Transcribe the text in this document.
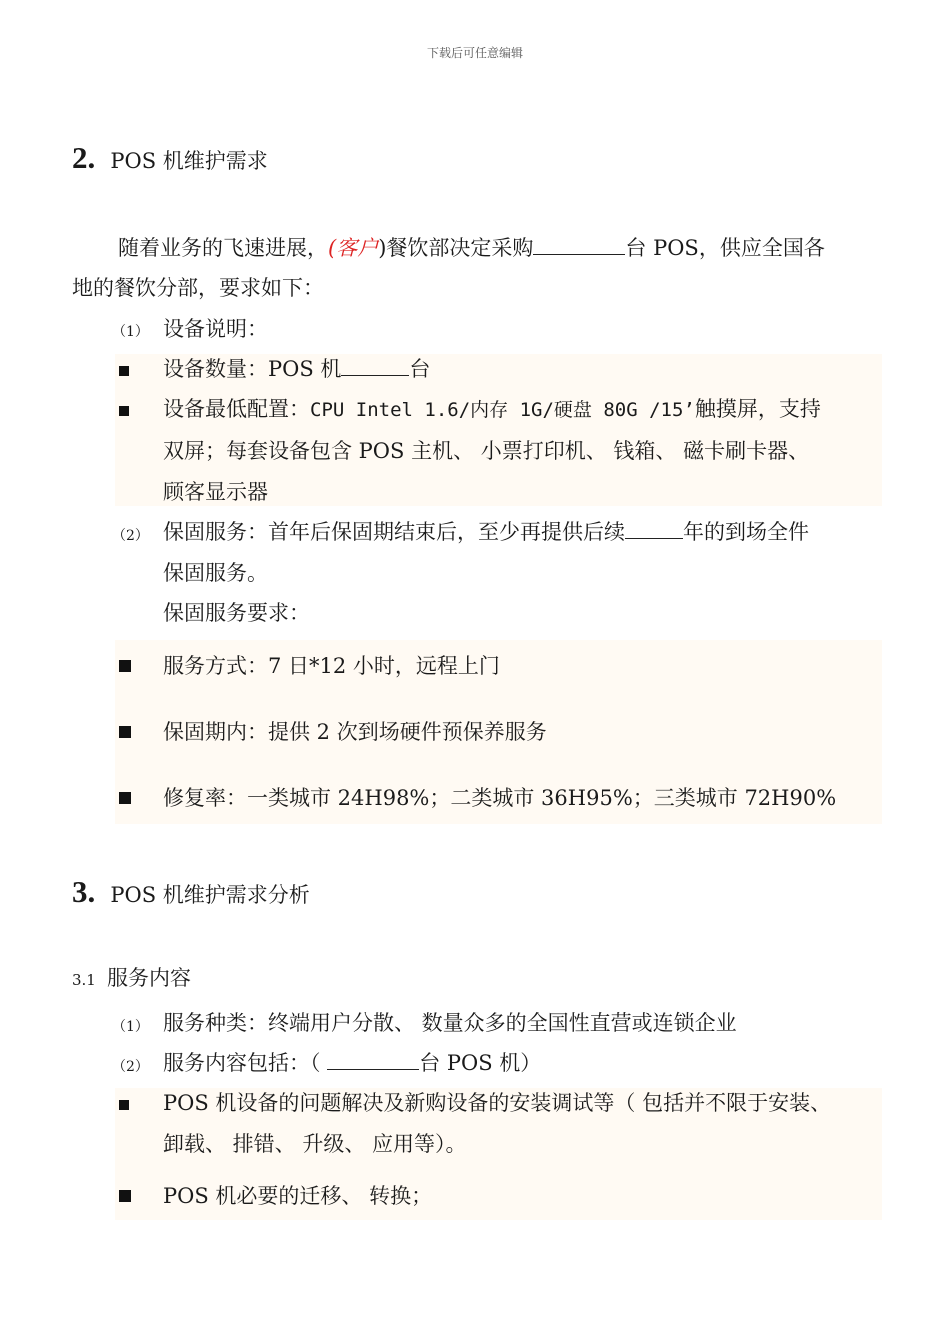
下载后可任意编辑
2. POS 机维护需求
随着业务的飞速进展，(客户)餐饮部决定采购	台 POS，供应全国各
地的餐饮分部，要求如下：
（1） 设备说明：
设备数量：POS 机	台
设备最低配置：CPU Intel 1.6/内存 1G/硬盘 80G /15’触摸屏，支持
双屏；每套设备包含 POS 主机、 小票打印机、 钱箱、 磁卡刷卡器、
顾客显示器
（2） 保固服务：首年后保固期结束后，至少再提供后续	年的到场全件
保固服务。
保固服务要求：
服务方式：7 日*12 小时，远程上门
保固期内：提供 2 次到场硬件预保养服务
修复率：一类城市 24H98%；二类城市 36H95%；三类城市 72H90%
3. POS 机维护需求分析
3.1 服务内容
（1） 服务种类：终端用户分散、 数量众多的全国性直营或连锁企业
（2） 服务内容包括：（	台 POS 机）
POS 机设备的问题解决及新购设备的安装调试等（ 包括并不限于安装、
卸载、 排错、 升级、 应用等）。
POS 机必要的迁移、 转换；
